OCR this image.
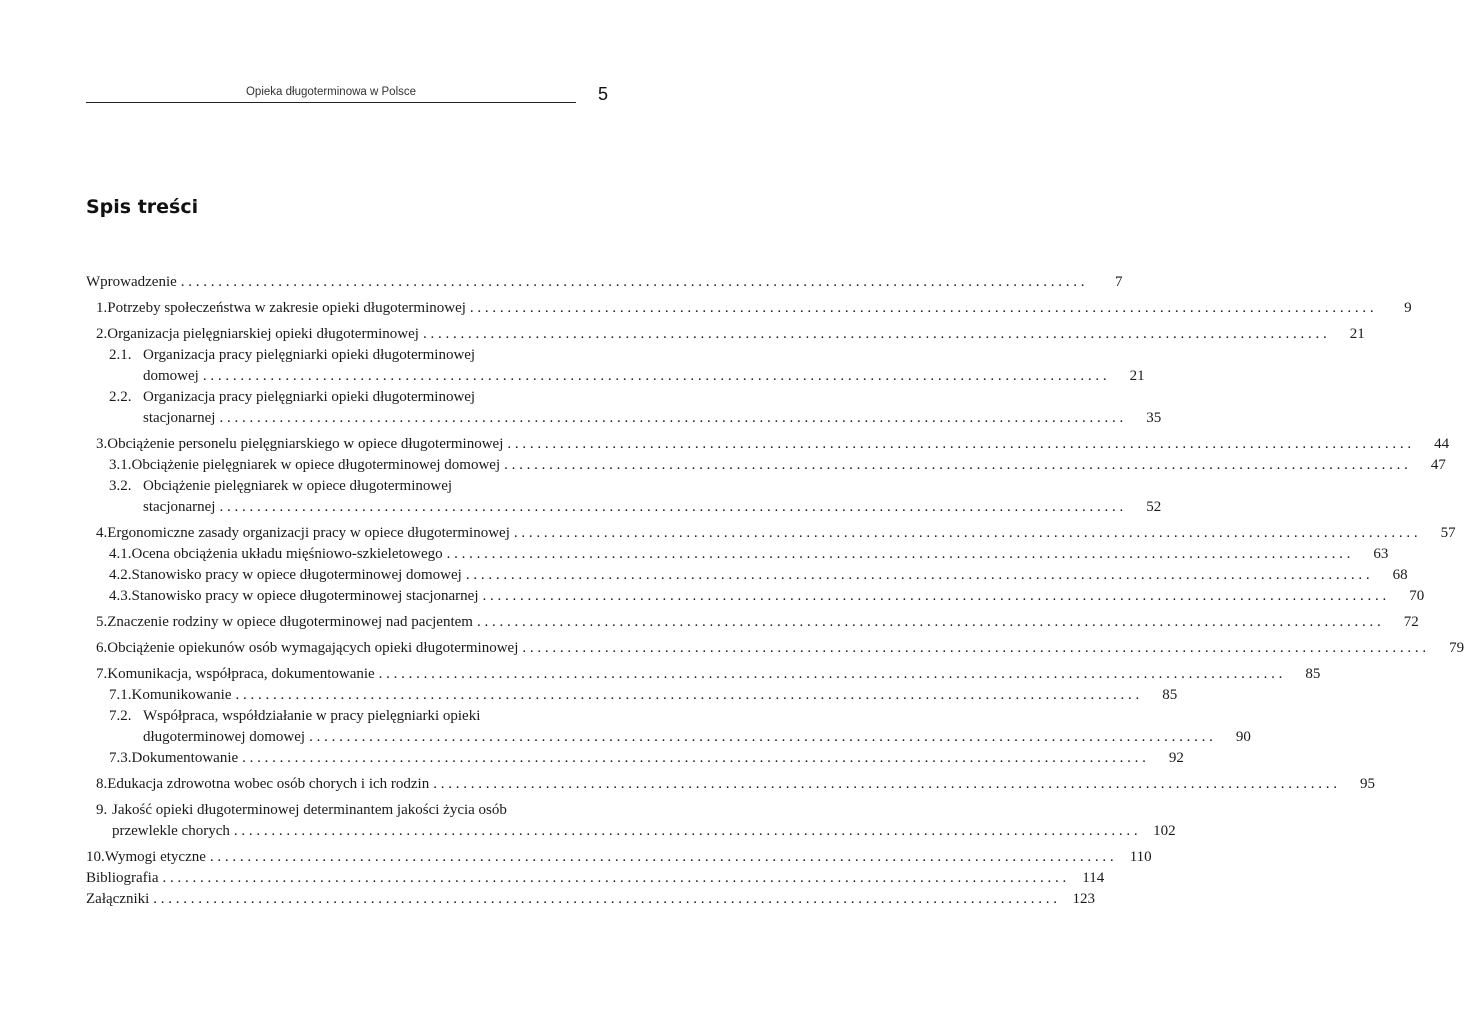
Opieka długoterminowa w Polsce	5
Spis treści
Wprowadzenie . . .	7
1. Potrzeby społeczeństwa w zakresie opieki długoterminowej . . .	9
2. Organizacja pielęgniarskiej opieki długoterminowej . . .	21
2.1. Organizacja pracy pielęgniarki opieki długoterminowej
domowej . . .	21
2.2. Organizacja pracy pielęgniarki opieki długoterminowej
stacjonarnej . . .	35
3. Obciążenie personelu pielęgniarskiego w opiece długoterminowej . . .	44
3.1. Obciążenie pielęgniarek w opiece długoterminowej domowej . . .	47
3.2. Obciążenie pielęgniarek w opiece długoterminowej
stacjonarnej . . .	52
4. Ergonomiczne zasady organizacji pracy w opiece długoterminowej . . .	57
4.1. Ocena obciążenia układu mięśniowo-szkieletowego . . .	63
4.2. Stanowisko pracy w opiece długoterminowej domowej . . .	68
4.3. Stanowisko pracy w opiece długoterminowej stacjonarnej . . .	70
5. Znaczenie rodziny w opiece długoterminowej nad pacjentem . . .	72
6. Obciążenie opiekunów osób wymagających opieki długoterminowej . . .	79
7. Komunikacja, współpraca, dokumentowanie . . .	85
7.1. Komunikowanie . . .	85
7.2. Współpraca, współdziałanie w pracy pielęgniarki opieki
długoterminowej domowej . . .	90
7.3. Dokumentowanie . . .	92
8. Edukacja zdrowotna wobec osób chorych i ich rodzin . . .	95
9. Jakość opieki długoterminowej determinantem jakości życia osób
przewlekle chorych . . .	102
10. Wymogi etyczne . . .	110
Bibliografia . . .	114
Załączniki . . .	123
